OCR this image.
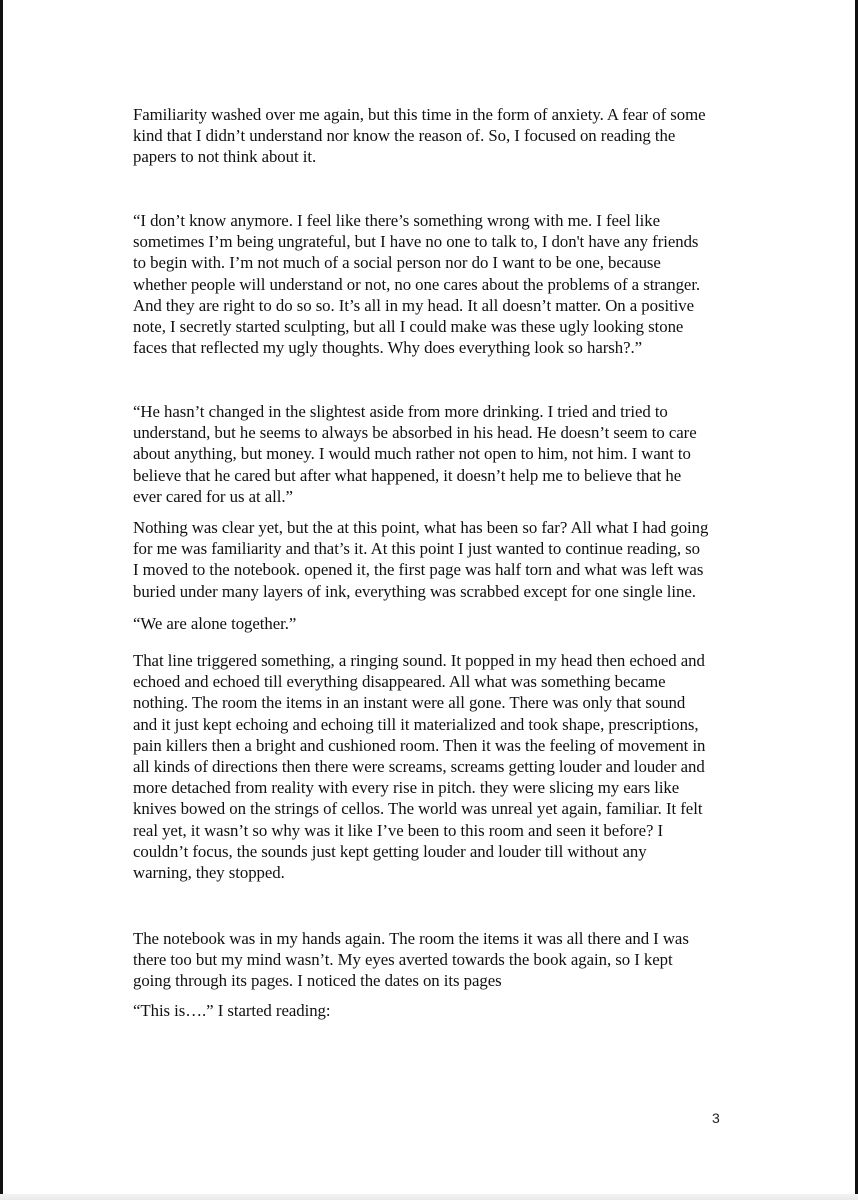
Familiarity washed over me again, but this time in the form of anxiety. A fear of some
kind that I didn’t understand nor know the reason of. So, I focused on reading the
papers to not think about it.
“I don’t know anymore. I feel like there’s something wrong with me. I feel like
sometimes I’m being ungrateful, but I have no one to talk to, I don't have any friends
to begin with. I’m not much of a social person nor do I want to be one, because
whether people will understand or not, no one cares about the problems of a stranger.
And they are right to do so so. It’s all in my head. It all doesn’t matter. On a positive
note, I secretly started sculpting, but all I could make was these ugly looking stone
faces that reflected my ugly thoughts. Why does everything look so harsh?.”
“He hasn’t changed in the slightest aside from more drinking. I tried and tried to
understand, but he seems to always be absorbed in his head. He doesn’t seem to care
about anything, but money. I would much rather not open to him, not him. I want to
believe that he cared but after what happened, it doesn’t help me to believe that he
ever cared for us at all.”
Nothing was clear yet, but the at this point, what has been so far? All what I had going
for me was familiarity and that’s it. At this point I just wanted to continue reading, so
I moved to the notebook. opened it, the first page was half torn and what was left was
buried under many layers of ink, everything was scrabbed except for one single line.
“We are alone together.”
That line triggered something, a ringing sound. It popped in my head then echoed and
echoed and echoed till everything disappeared. All what was something became
nothing. The room the items in an instant were all gone. There was only that sound
and it just kept echoing and echoing till it materialized and took shape, prescriptions,
pain killers then a bright and cushioned room. Then it was the feeling of movement in
all kinds of directions then there were screams, screams getting louder and louder and
more detached from reality with every rise in pitch. they were slicing my ears like
knives bowed on the strings of cellos. The world was unreal yet again, familiar. It felt
real yet, it wasn’t so why was it like I’ve been to this room and seen it before? I
couldn’t focus, the sounds just kept getting louder and louder till without any
warning, they stopped.
The notebook was in my hands again. The room the items it was all there and I was
there too but my mind wasn’t. My eyes averted towards the book again, so I kept
going through its pages. I noticed the dates on its pages
“This is….” I started reading:
3
